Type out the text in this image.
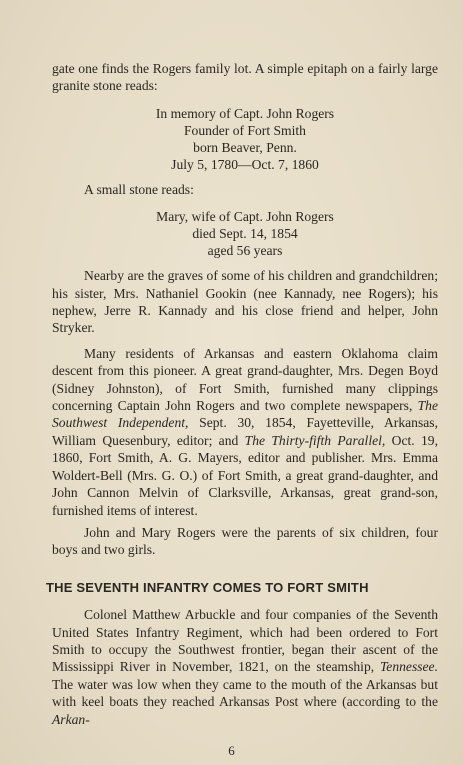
gate one finds the Rogers family lot. A simple epitaph on a fairly large granite stone reads:

In memory of Capt. John Rogers
Founder of Fort Smith
born Beaver, Penn.
July 5, 1780—Oct. 7, 1860

A small stone reads:

Mary, wife of Capt. John Rogers
died Sept. 14, 1854
aged 56 years

Nearby are the graves of some of his children and grandchildren; his sister, Mrs. Nathaniel Gookin (nee Kannady, nee Rogers); his nephew, Jerre R. Kannady and his close friend and helper, John Stryker.

Many residents of Arkansas and eastern Oklahoma claim descent from this pioneer. A great grand-daughter, Mrs. Degen Boyd (Sidney Johnston), of Fort Smith, furnished many clippings concerning Captain John Rogers and two complete newspapers, The Southwest Independent, Sept. 30, 1854, Fayetteville, Arkansas, William Quesenbury, editor; and The Thirty-fifth Parallel, Oct. 19, 1860, Fort Smith, A. G. Mayers, editor and publisher. Mrs. Emma Woldert-Bell (Mrs. G. O.) of Fort Smith, a great grand-daughter, and John Cannon Melvin of Clarksville, Arkansas, great grand-son, furnished items of interest.

John and Mary Rogers were the parents of six children, four boys and two girls.

THE SEVENTH INFANTRY COMES TO FORT SMITH

Colonel Matthew Arbuckle and four companies of the Seventh United States Infantry Regiment, which had been ordered to Fort Smith to occupy the Southwest frontier, began their ascent of the Mississippi River in November, 1821, on the steamship, Tennessee. The water was low when they came to the mouth of the Arkansas but with keel boats they reached Arkansas Post where (according to the Arkan-

6
